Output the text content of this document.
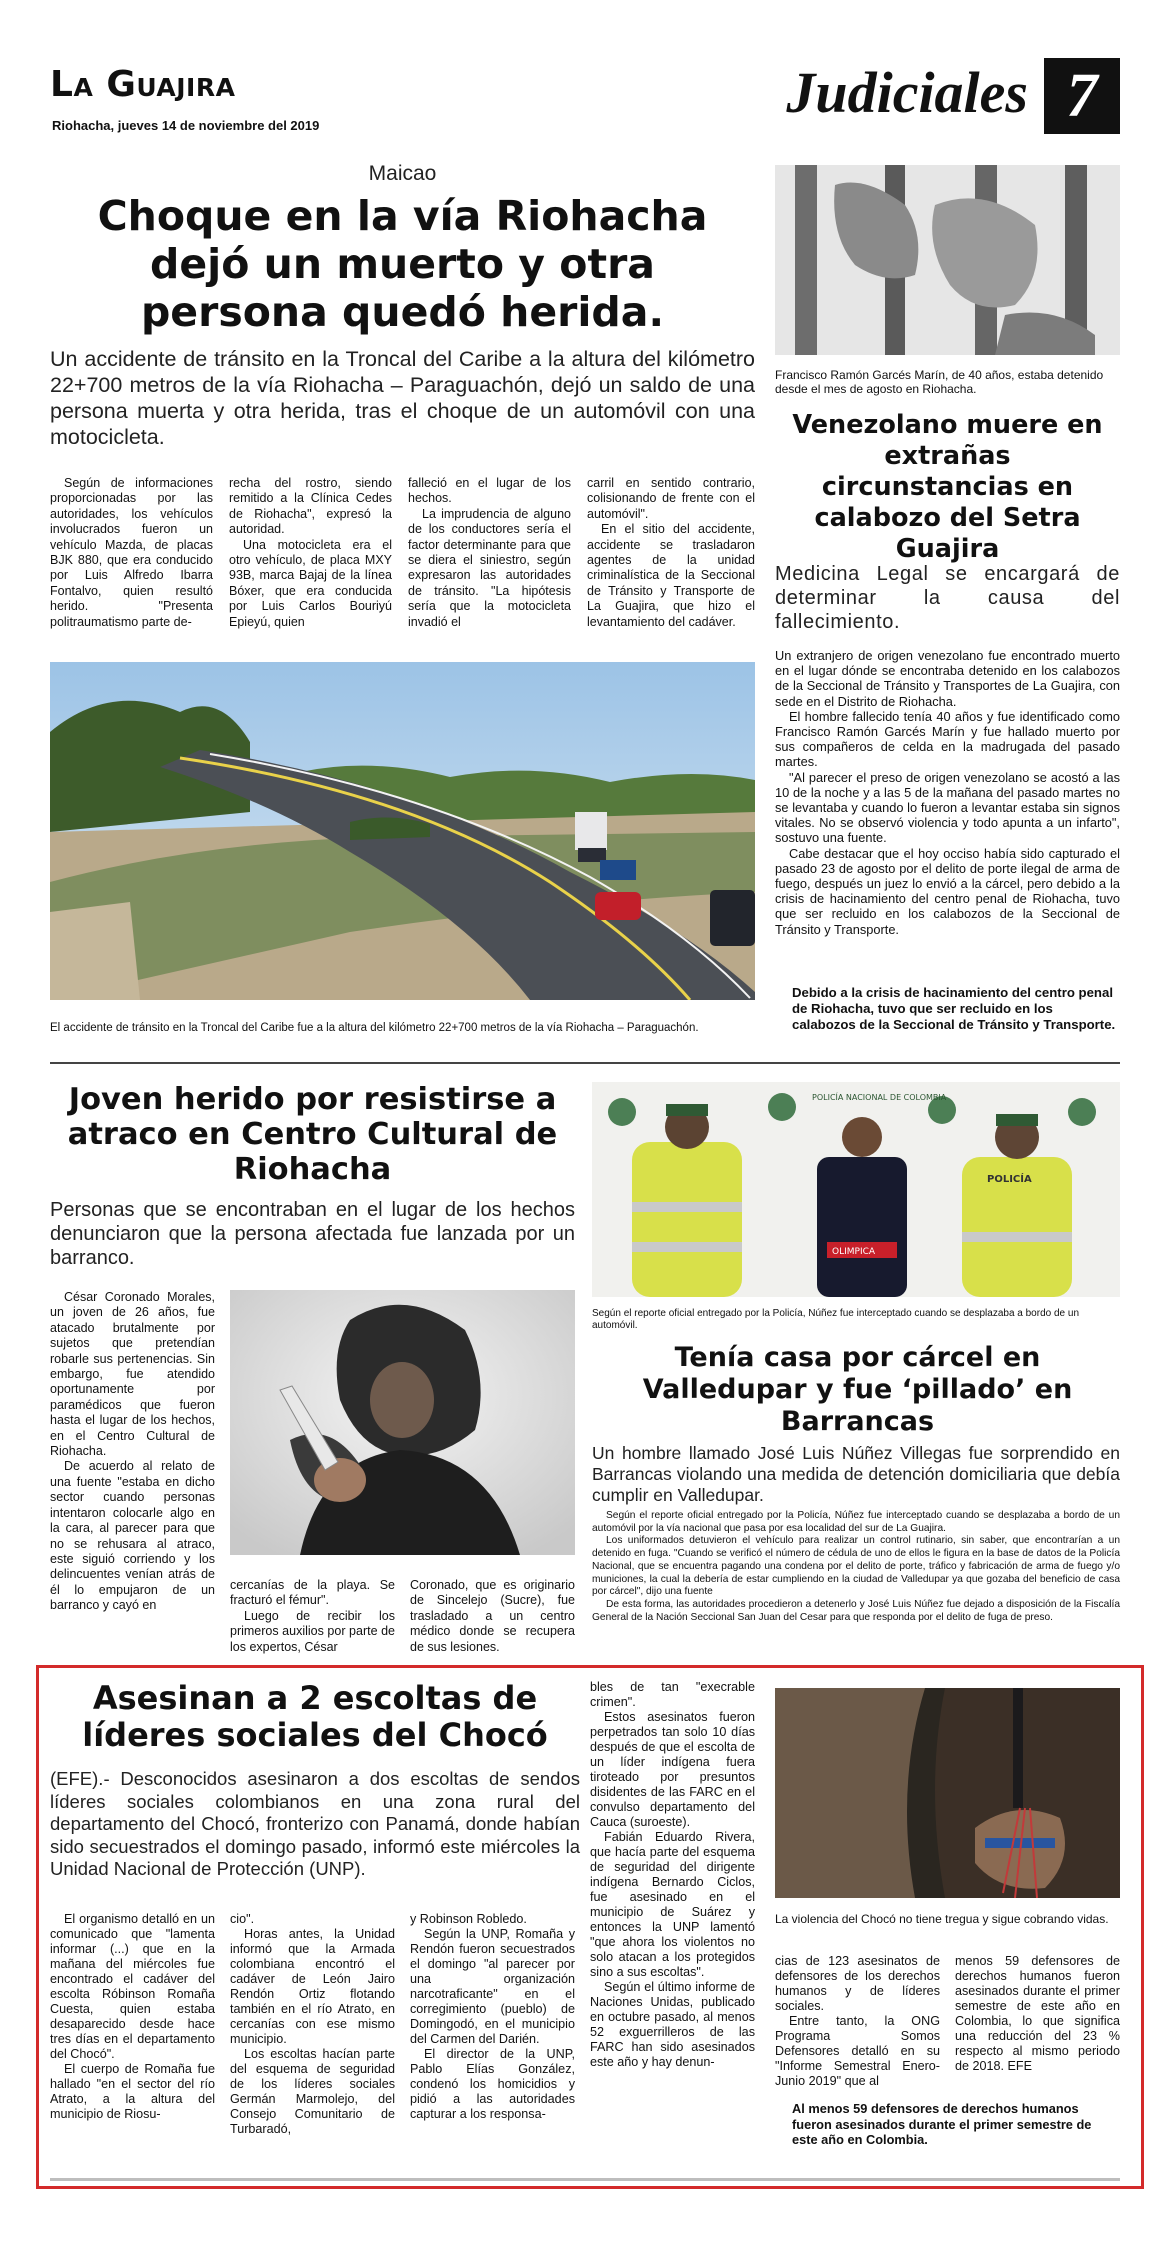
La Guajira
Riohacha, jueves 14 de noviembre del 2019
Judiciales 7
Maicao
Choque en la vía Riohacha dejó un muerto y otra persona quedó herida.
Un accidente de tránsito en la Troncal del Caribe a la altura del kilómetro 22+700 metros de la vía Riohacha – Paraguachón, dejó un saldo de una persona muerta y otra herida, tras el choque de un automóvil con una motocicleta.

Según de informaciones proporcionadas por las autoridades, los vehículos involucrados fueron un vehículo Mazda, de placas BJK 880, que era conducido por Luis Alfredo Ibarra Fontalvo, quien resultó herido. "Presenta politraumatismo parte de-

recha del rostro, siendo remitido a la Clínica Cedes de Riohacha", expresó la autoridad.

Una motocicleta era el otro vehículo, de placa MXY 93B, marca Bajaj de la línea Bóxer, que era conducida por Luis Carlos Bouriyú Epieyú, quien

falleció en el lugar de los hechos.

La imprudencia de alguno de los conductores sería el factor determinante para que se diera el siniestro, según expresaron las autoridades de tránsito. "La hipótesis sería que la motocicleta invadió el

carril en sentido contrario, colisionando de frente con el automóvil".

En el sitio del accidente, accidente se trasladaron agentes de la unidad criminalística de la Seccional de Tránsito y Transporte de La Guajira, que hizo el levantamiento del cadáver.

El accidente de tránsito en la Troncal del Caribe fue a la altura del kilómetro 22+700 metros de la vía Riohacha – Paraguachón.
Francisco Ramón Garcés Marín, de 40 años, estaba detenido desde el mes de agosto en Riohacha.
Venezolano muere en extrañas circunstancias en calabozo del Setra Guajira
Medicina Legal se encargará de determinar la causa del fallecimiento.

Un extranjero de origen venezolano fue encontrado muerto en el lugar dónde se encontraba detenido en los calabozos de la Seccional de Tránsito y Transportes de La Guajira, con sede en el Distrito de Riohacha.

El hombre fallecido tenía 40 años y fue identificado como Francisco Ramón Garcés Marín y fue hallado muerto por sus compañeros de celda en la madrugada del pasado martes.

"Al parecer el preso de origen venezolano se acostó a las 10 de la noche y a las 5 de la mañana del pasado martes no se levantaba y cuando lo fueron a levantar estaba sin signos vitales. No se observó violencia y todo apunta a un infarto", sostuvo una fuente.

Cabe destacar que el hoy occiso había sido capturado el pasado 23 de agosto por el delito de porte ilegal de arma de fuego, después un juez lo envió a la cárcel, pero debido a la crisis de hacinamiento del centro penal de Riohacha, tuvo que ser recluido en los calabozos de la Seccional de Tránsito y Transporte.

Debido a la crisis de hacinamiento del centro penal de Riohacha, tuvo que ser recluido en los calabozos de la Seccional de Tránsito y Transporte.
Joven herido por resistirse a atraco en Centro Cultural de Riohacha
Personas que se encontraban en el lugar de los hechos denunciaron que la persona afectada fue lanzada por un barranco.

César Coronado Morales, un joven de 26 años, fue atacado brutalmente por sujetos que pretendían robarle sus pertenencias. Sin embargo, fue atendido oportunamente por paramédicos que fueron hasta el lugar de los hechos, en el Centro Cultural de Riohacha.

De acuerdo al relato de una fuente "estaba en dicho sector cuando personas intentaron colocarle algo en la cara, al parecer para que no se rehusara al atraco, este siguió corriendo y los delincuentes venían atrás de él lo empujaron de un barranco y cayó en

cercanías de la playa. Se fracturó el fémur".

Luego de recibir los primeros auxilios por parte de los expertos, César

Coronado, que es originario de Sincelejo (Sucre), fue trasladado a un centro médico donde se recupera de sus lesiones.

POLICÍA NACIONAL DE COLOMBIA
OLIMPICA
POLICÍA
Según el reporte oficial entregado por la Policía, Núñez fue interceptado cuando se desplazaba a bordo de un automóvil.
Tenía casa por cárcel en Valledupar y fue ‘pillado’ en Barrancas
Un hombre llamado José Luis Núñez Villegas fue sorprendido en Barrancas violando una medida de detención domiciliaria que debía cumplir en Valledupar.

Según el reporte oficial entregado por la Policía, Núñez fue interceptado cuando se desplazaba a bordo de un automóvil por la vía nacional que pasa por esa localidad del sur de La Guajira.

Los uniformados detuvieron el vehículo para realizar un control rutinario, sin saber, que encontrarían a un detenido en fuga. "Cuando se verificó el número de cédula de uno de ellos le figura en la base de datos de la Policía Nacional, que se encuentra pagando una condena por el delito de porte, tráfico y fabricación de arma de fuego y/o municiones, la cual la debería de estar cumpliendo en la ciudad de Valledupar ya que gozaba del beneficio de casa por cárcel", dijo una fuente

De esta forma, las autoridades procedieron a detenerlo y José Luis Núñez fue dejado a disposición de la Fiscalía General de la Nación Seccional San Juan del Cesar para que responda por el delito de fuga de preso.

Asesinan a 2 escoltas de líderes sociales del Chocó
(EFE).- Desconocidos asesinaron a dos escoltas de sendos líderes sociales colombianos en una zona rural del departamento del Chocó, fronterizo con Panamá, donde habían sido secuestrados el domingo pasado, informó este miércoles la Unidad Nacional de Protección (UNP).

El organismo detalló en un comunicado que "lamenta informar (...) que en la mañana del miércoles fue encontrado el cadáver del escolta Róbinson Romaña Cuesta, quien estaba desaparecido desde hace tres días en el departamento del Chocó".

El cuerpo de Romaña fue hallado "en el sector del río Atrato, a la altura del municipio de Riosu-

cio".

Horas antes, la Unidad informó que la Armada colombiana encontró el cadáver de León Jairo Rendón Ortiz flotando también en el río Atrato, en cercanías con ese mismo municipio.

Los escoltas hacían parte del esquema de seguridad de los líderes sociales Germán Marmolejo, del Consejo Comunitario de Turbaradó,

y Robinson Robledo.

Según la UNP, Romaña y Rendón fueron secuestrados el domingo "al parecer por una organización narcotraficante" en el corregimiento (pueblo) de Domingodó, en el municipio del Carmen del Darién.

El director de la UNP, Pablo Elías González, condenó los homicidios y pidió a las autoridades capturar a los responsa-

bles de tan "execrable crimen".

Estos asesinatos fueron perpetrados tan solo 10 días después de que el escolta de un líder indígena fuera tiroteado por presuntos disidentes de las FARC en el convulso departamento del Cauca (suroeste).

Fabián Eduardo Rivera, que hacía parte del esquema de seguridad del dirigente indígena Bernardo Ciclos, fue asesinado en el municipio de Suárez y entonces la UNP lamentó "que ahora los violentos no solo atacan a los protegidos sino a sus escoltas".

Según el último informe de Naciones Unidas, publicado en octubre pasado, al menos 52 exguerrilleros de las FARC han sido asesinados este año y hay denun-

La violencia del Chocó no tiene tregua y sigue cobrando vidas.

cias de 123 asesinatos de defensores de los derechos humanos y de líderes sociales.

Entre tanto, la ONG Programa Somos Defensores detalló en su "Informe Semestral Enero-Junio 2019" que al

menos 59 defensores de derechos humanos fueron asesinados durante el primer semestre de este año en Colombia, lo que significa una reducción del 23 % respecto al mismo periodo de 2018. EFE

Al menos 59 defensores de derechos humanos fueron asesinados durante el primer semestre de este año en Colombia.
